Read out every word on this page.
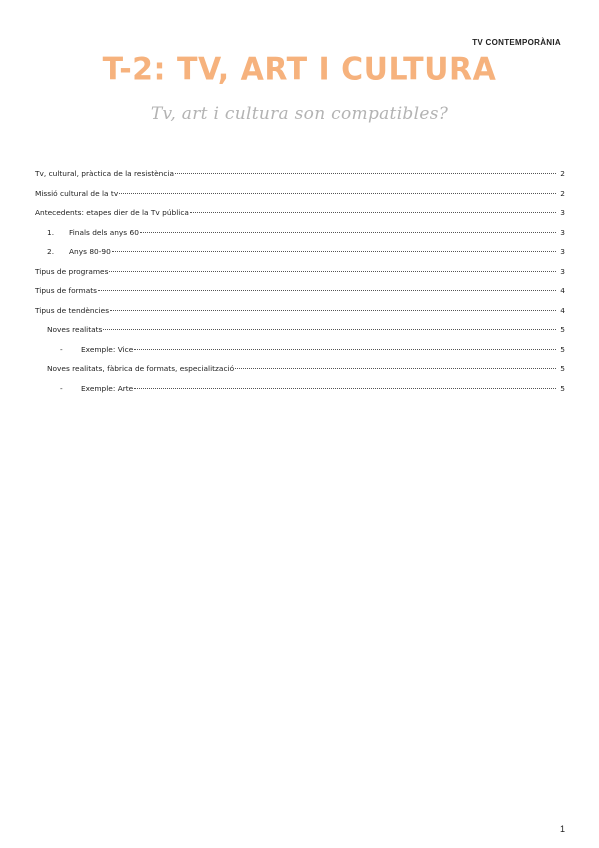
TV CONTEMPORÀNIA
T-2: TV, ART I CULTURA
Tv, art i cultura son compatibles?
Tv, cultural, pràctica de la resistència	2
Missió cultural de la tv	2
Antecedents: etapes dier de la Tv pública	3
1. Finals dels anys 60	3
2. Anys 80-90	3
Tipus de programes	3
Tipus de formats	4
Tipus de tendències	4
Noves realitats	5
- Exemple: Vice	5
Noves realitats, fàbrica de formats, especialització	5
- Exemple: Arte	5
1
